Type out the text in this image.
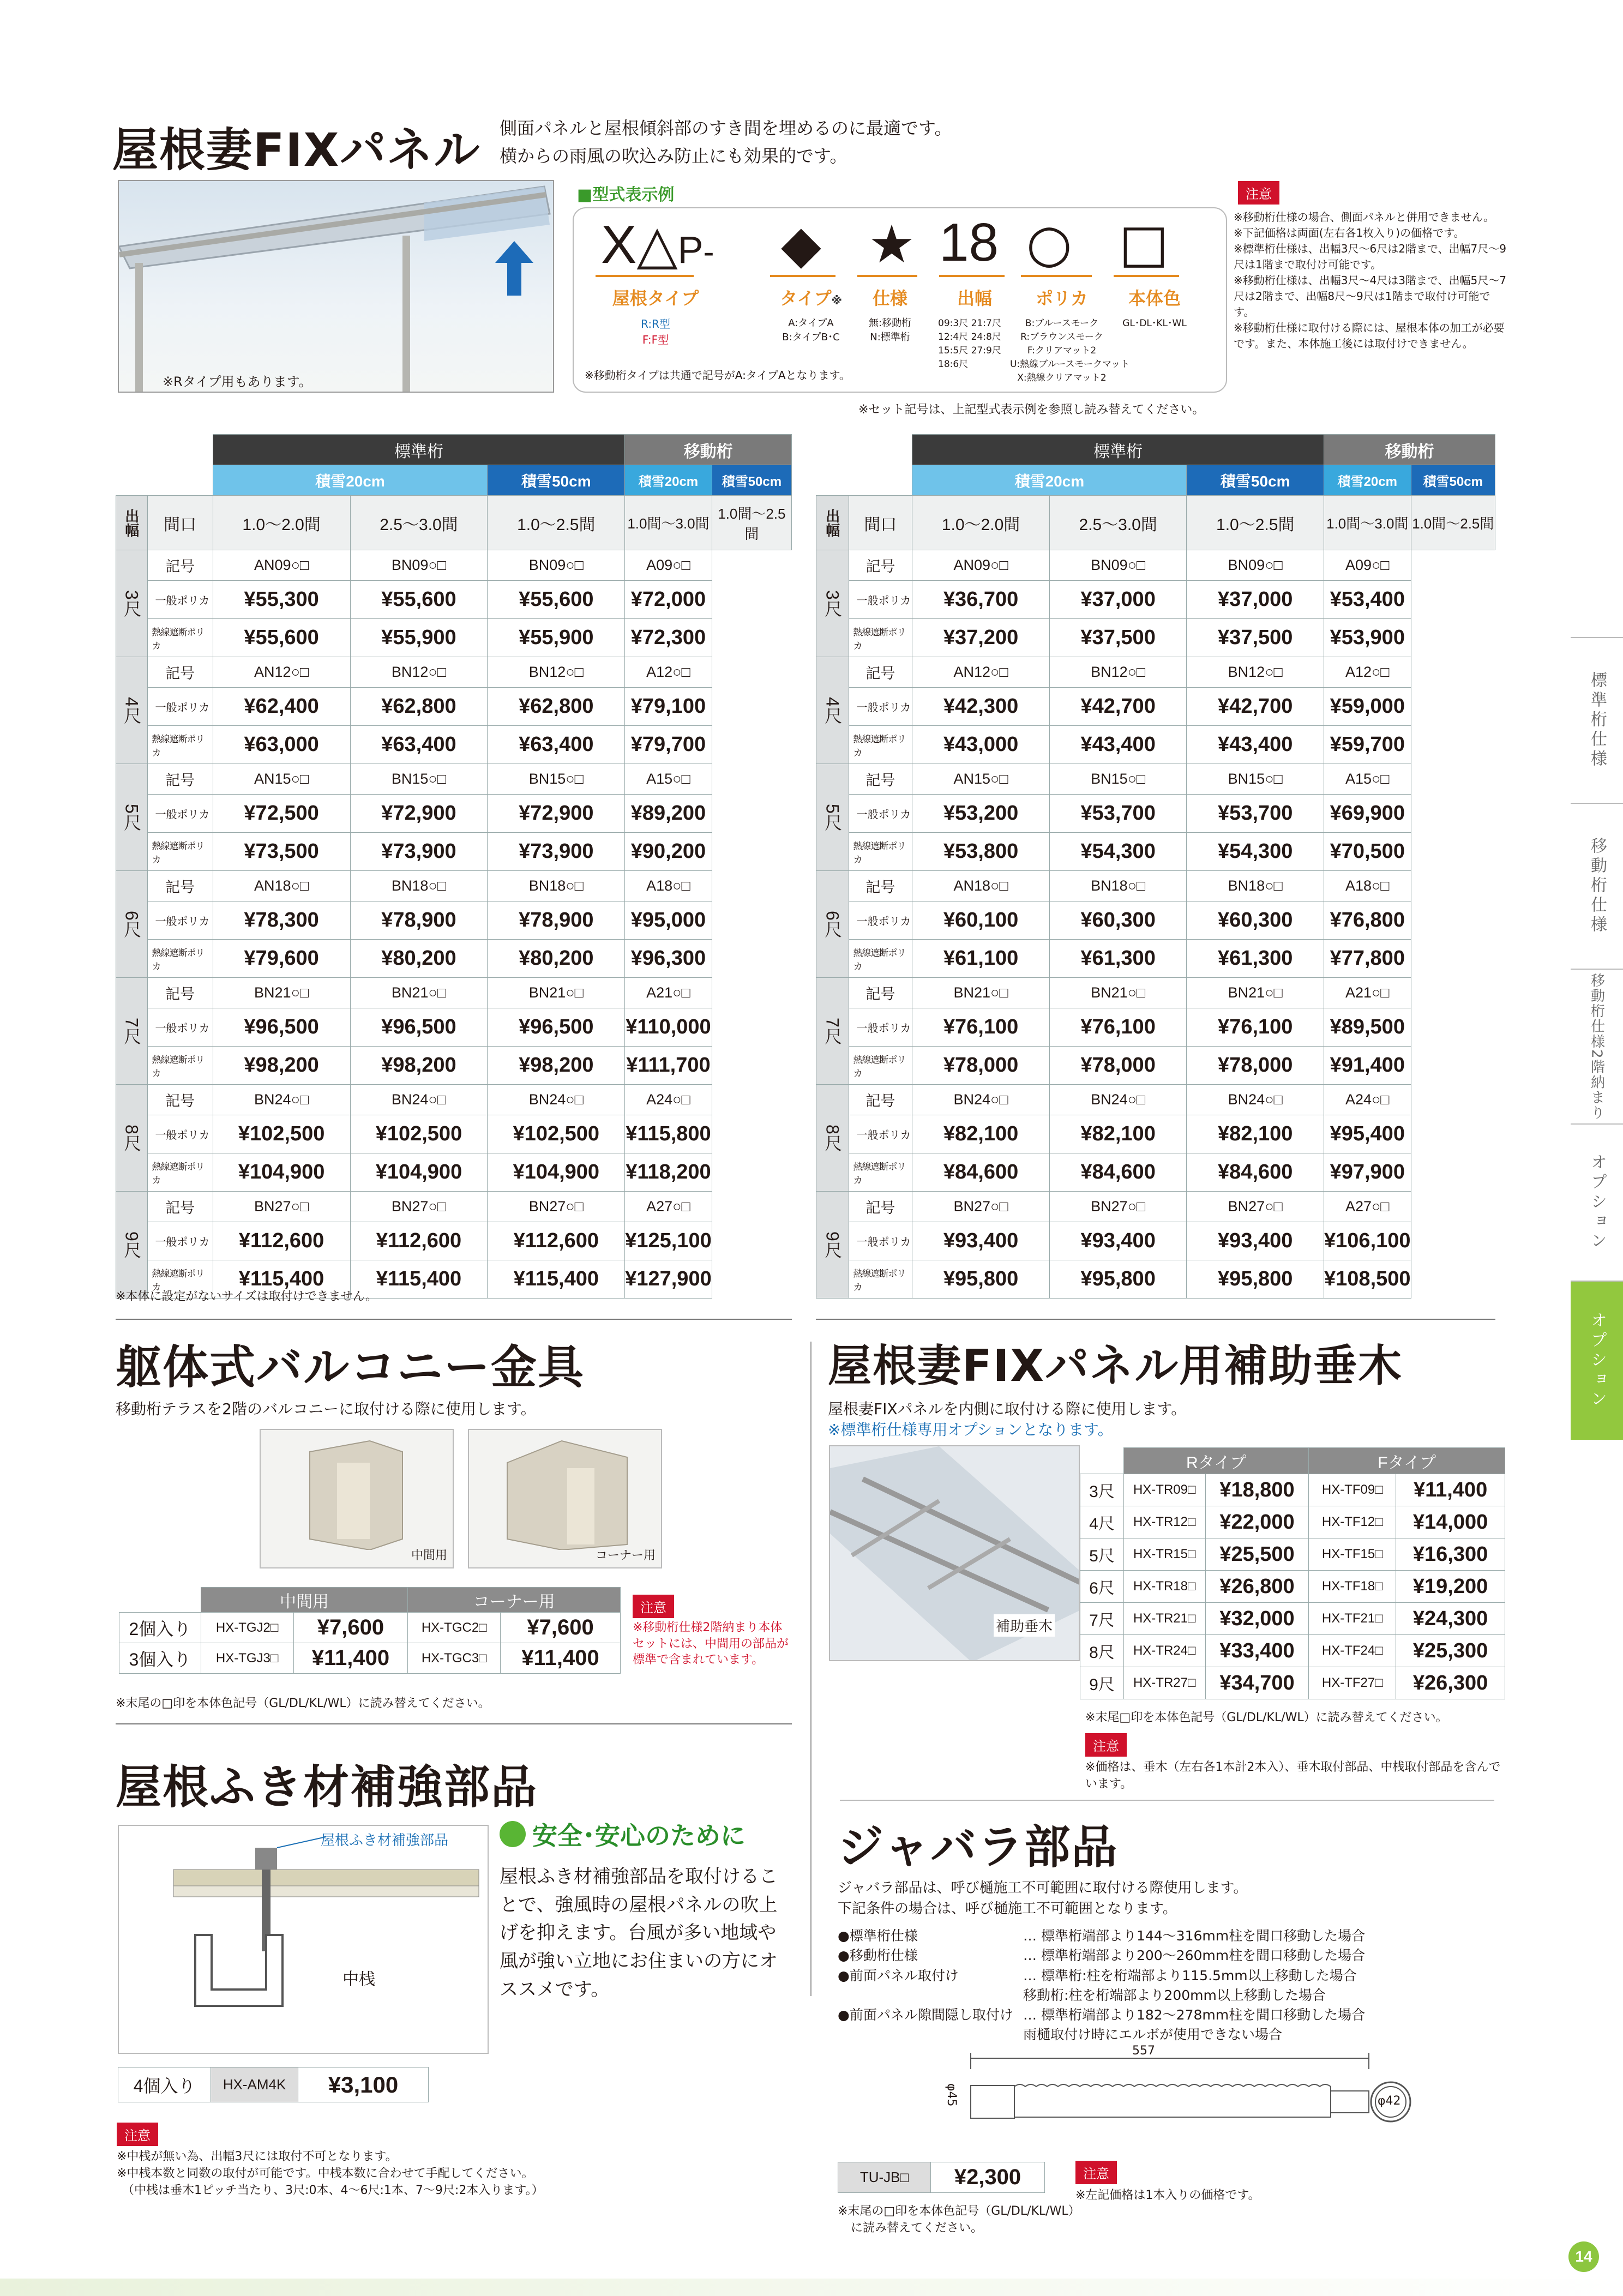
屋根妻FIXパネル 側面パネルと屋根傾斜部のすき間を埋めるのに最適です。
横からの雨風の吹込み防止にも効果的です。
※Rタイプ用もあります。
■型式表示例
X△P- ◆ ★ 18 ○ □
屋根タイプ
R:R型
F:F型
タイプ※
A:タイプA
B:タイプB･C
仕様
無:移動桁
N:標準桁
出幅
09:3尺 21:7尺
12:4尺 24:8尺
15:5尺 27:9尺
18:6尺
ポリカ
B:ブルースモーク
R:ブラウンスモーク
F:クリアマット2
U:熱線ブルースモークマット
X:熱線クリアマット2
本体色
GL･DL･KL･WL
※移動桁タイプは共通で記号がA:タイプAとなります。
※セット記号は、上記型式表示例を参照し読み替えてください。
注意
※移動桁仕様の場合、側面パネルと併用できません。
※下記価格は両面(左右各1枚入り)の価格です。
※標準桁仕様は、出幅3尺〜6尺は2階まで、出幅7尺〜9尺は1階まで取付け可能です。
※移動桁仕様は、出幅3尺〜4尺は3階まで、出幅5尺〜7尺は2階まで、出幅8尺〜9尺は1階まで取付け可能です。
※移動桁仕様に取付ける際には、屋根本体の加工が必要です。また、本体施工後には取付けできません。
		標準桁			移動桁	
		積雪20cm		積雪50cm	積雪20cm	積雪50cm
出幅	間口	1.0〜2.0間	2.5〜3.0間	1.0〜2.5間	1.0間〜3.0間	1.0間〜2.5間
3尺	記号	AN09○□	BN09○□	BN09○□	A09○□	
	一般ポリカ	¥55,300	¥55,600	¥55,600	¥72,000	
	熱線遮断ポリカ	¥55,600	¥55,900	¥55,900	¥72,300	
4尺	記号	AN12○□	BN12○□	BN12○□	A12○□	
	一般ポリカ	¥62,400	¥62,800	¥62,800	¥79,100	
	熱線遮断ポリカ	¥63,000	¥63,400	¥63,400	¥79,700	
5尺	記号	AN15○□	BN15○□	BN15○□	A15○□	
	一般ポリカ	¥72,500	¥72,900	¥72,900	¥89,200	
	熱線遮断ポリカ	¥73,500	¥73,900	¥73,900	¥90,200	
6尺	記号	AN18○□	BN18○□	BN18○□	A18○□	
	一般ポリカ	¥78,300	¥78,900	¥78,900	¥95,000	
	熱線遮断ポリカ	¥79,600	¥80,200	¥80,200	¥96,300	
7尺	記号	BN21○□	BN21○□	BN21○□	A21○□	
	一般ポリカ	¥96,500	¥96,500	¥96,500	¥110,000	
	熱線遮断ポリカ	¥98,200	¥98,200	¥98,200	¥111,700	
8尺	記号	BN24○□	BN24○□	BN24○□	A24○□	
	一般ポリカ	¥102,500	¥102,500	¥102,500	¥115,800	
	熱線遮断ポリカ	¥104,900	¥104,900	¥104,900	¥118,200	
9尺	記号	BN27○□	BN27○□	BN27○□	A27○□	
	一般ポリカ	¥112,600	¥112,600	¥112,600	¥125,100	
	熱線遮断ポリカ	¥115,400	¥115,400	¥115,400	¥127,900	
		標準桁			移動桁	
		積雪20cm		積雪50cm	積雪20cm	積雪50cm
出幅	間口	1.0〜2.0間	2.5〜3.0間	1.0〜2.5間	1.0間〜3.0間	1.0間〜2.5間
3尺	記号	AN09○□	BN09○□	BN09○□	A09○□	
	一般ポリカ	¥36,700	¥37,000	¥37,000	¥53,400	
	熱線遮断ポリカ	¥37,200	¥37,500	¥37,500	¥53,900	
4尺	記号	AN12○□	BN12○□	BN12○□	A12○□	
	一般ポリカ	¥42,300	¥42,700	¥42,700	¥59,000	
	熱線遮断ポリカ	¥43,000	¥43,400	¥43,400	¥59,700	
5尺	記号	AN15○□	BN15○□	BN15○□	A15○□	
	一般ポリカ	¥53,200	¥53,700	¥53,700	¥69,900	
	熱線遮断ポリカ	¥53,800	¥54,300	¥54,300	¥70,500	
6尺	記号	AN18○□	BN18○□	BN18○□	A18○□	
	一般ポリカ	¥60,100	¥60,300	¥60,300	¥76,800	
	熱線遮断ポリカ	¥61,100	¥61,300	¥61,300	¥77,800	
7尺	記号	BN21○□	BN21○□	BN21○□	A21○□	
	一般ポリカ	¥76,100	¥76,100	¥76,100	¥89,500	
	熱線遮断ポリカ	¥78,000	¥78,000	¥78,000	¥91,400	
8尺	記号	BN24○□	BN24○□	BN24○□	A24○□	
	一般ポリカ	¥82,100	¥82,100	¥82,100	¥95,400	
	熱線遮断ポリカ	¥84,600	¥84,600	¥84,600	¥97,900	
9尺	記号	BN27○□	BN27○□	BN27○□	A27○□	
	一般ポリカ	¥93,400	¥93,400	¥93,400	¥106,100	
	熱線遮断ポリカ	¥95,800	¥95,800	¥95,800	¥108,500	
※本体に設定がないサイズは取付けできません。
躯体式バルコニー金具
移動桁テラスを2階のバルコニーに取付ける際に使用します。
中間用	コーナー用
	中間用		コーナー用	
2個入り	HX-TGJ2□	¥7,600	HX-TGC2□	¥7,600
3個入り	HX-TGJ3□	¥11,400	HX-TGC3□	¥11,400
注意
※移動桁仕様2階納まり本体セットには、中間用の部品が標準で含まれています。
※末尾の□印を本体色記号（GL/DL/KL/WL）に読み替えてください。
屋根ふき材補強部品
屋根ふき材補強部品
中桟
安全･安心のために
屋根ふき材補強部品を取付けるこ
とで、強風時の屋根パネルの吹上
げを抑えます。台風が多い地域や
風が強い立地にお住まいの方にオ
ススメです。
4個入り	HX-AM4K	¥3,100
注意
※中桟が無い為、出幅3尺には取付不可となります。
※中桟本数と同数の取付が可能です。中桟本数に合わせて手配してください。
（中桟は垂木1ピッチ当たり、3尺:0本、4〜6尺:1本、7〜9尺:2本入ります。）
屋根妻FIXパネル用補助垂木
屋根妻FIXパネルを内側に取付ける際に使用します。
※標準桁仕様専用オプションとなります。
補助垂木
	Rタイプ		Fタイプ	
3尺	HX-TR09□	¥18,800	HX-TF09□	¥11,400
4尺	HX-TR12□	¥22,000	HX-TF12□	¥14,000
5尺	HX-TR15□	¥25,500	HX-TF15□	¥16,300
6尺	HX-TR18□	¥26,800	HX-TF18□	¥19,200
7尺	HX-TR21□	¥32,000	HX-TF21□	¥24,300
8尺	HX-TR24□	¥33,400	HX-TF24□	¥25,300
9尺	HX-TR27□	¥34,700	HX-TF27□	¥26,300
※末尾□印を本体色記号（GL/DL/KL/WL）に読み替えてください。
注意
※価格は、垂木（左右各1本計2本入）、垂木取付部品、中桟取付部品を含んでいます。
ジャバラ部品
ジャバラ部品は、呼び樋施工不可範囲に取付ける際使用します。
下記条件の場合は、呼び樋施工不可範囲となります。
●標準桁仕様	… 標準桁端部より144〜316mm柱を間口移動した場合
●移動桁仕様	… 標準桁端部より200〜260mm柱を間口移動した場合
●前面パネル取付け	… 標準桁:柱を桁端部より115.5mm以上移動した場合
移動桁:柱を桁端部より200mm以上移動した場合
●前面パネル隙間隠し取付け … 標準桁端部より182〜278mm柱を間口移動した場合
雨樋取付け時にエルボが使用できない場合
557
φ45	φ42
TU-JB□	¥2,300	注意
※左記価格は1本入りの価格です。
※末尾の□印を本体色記号（GL/DL/KL/WL）
に読み替えてください。
標準桁仕様
移動桁仕様
移動桁仕様2階納まり
オプション
オプション
14
